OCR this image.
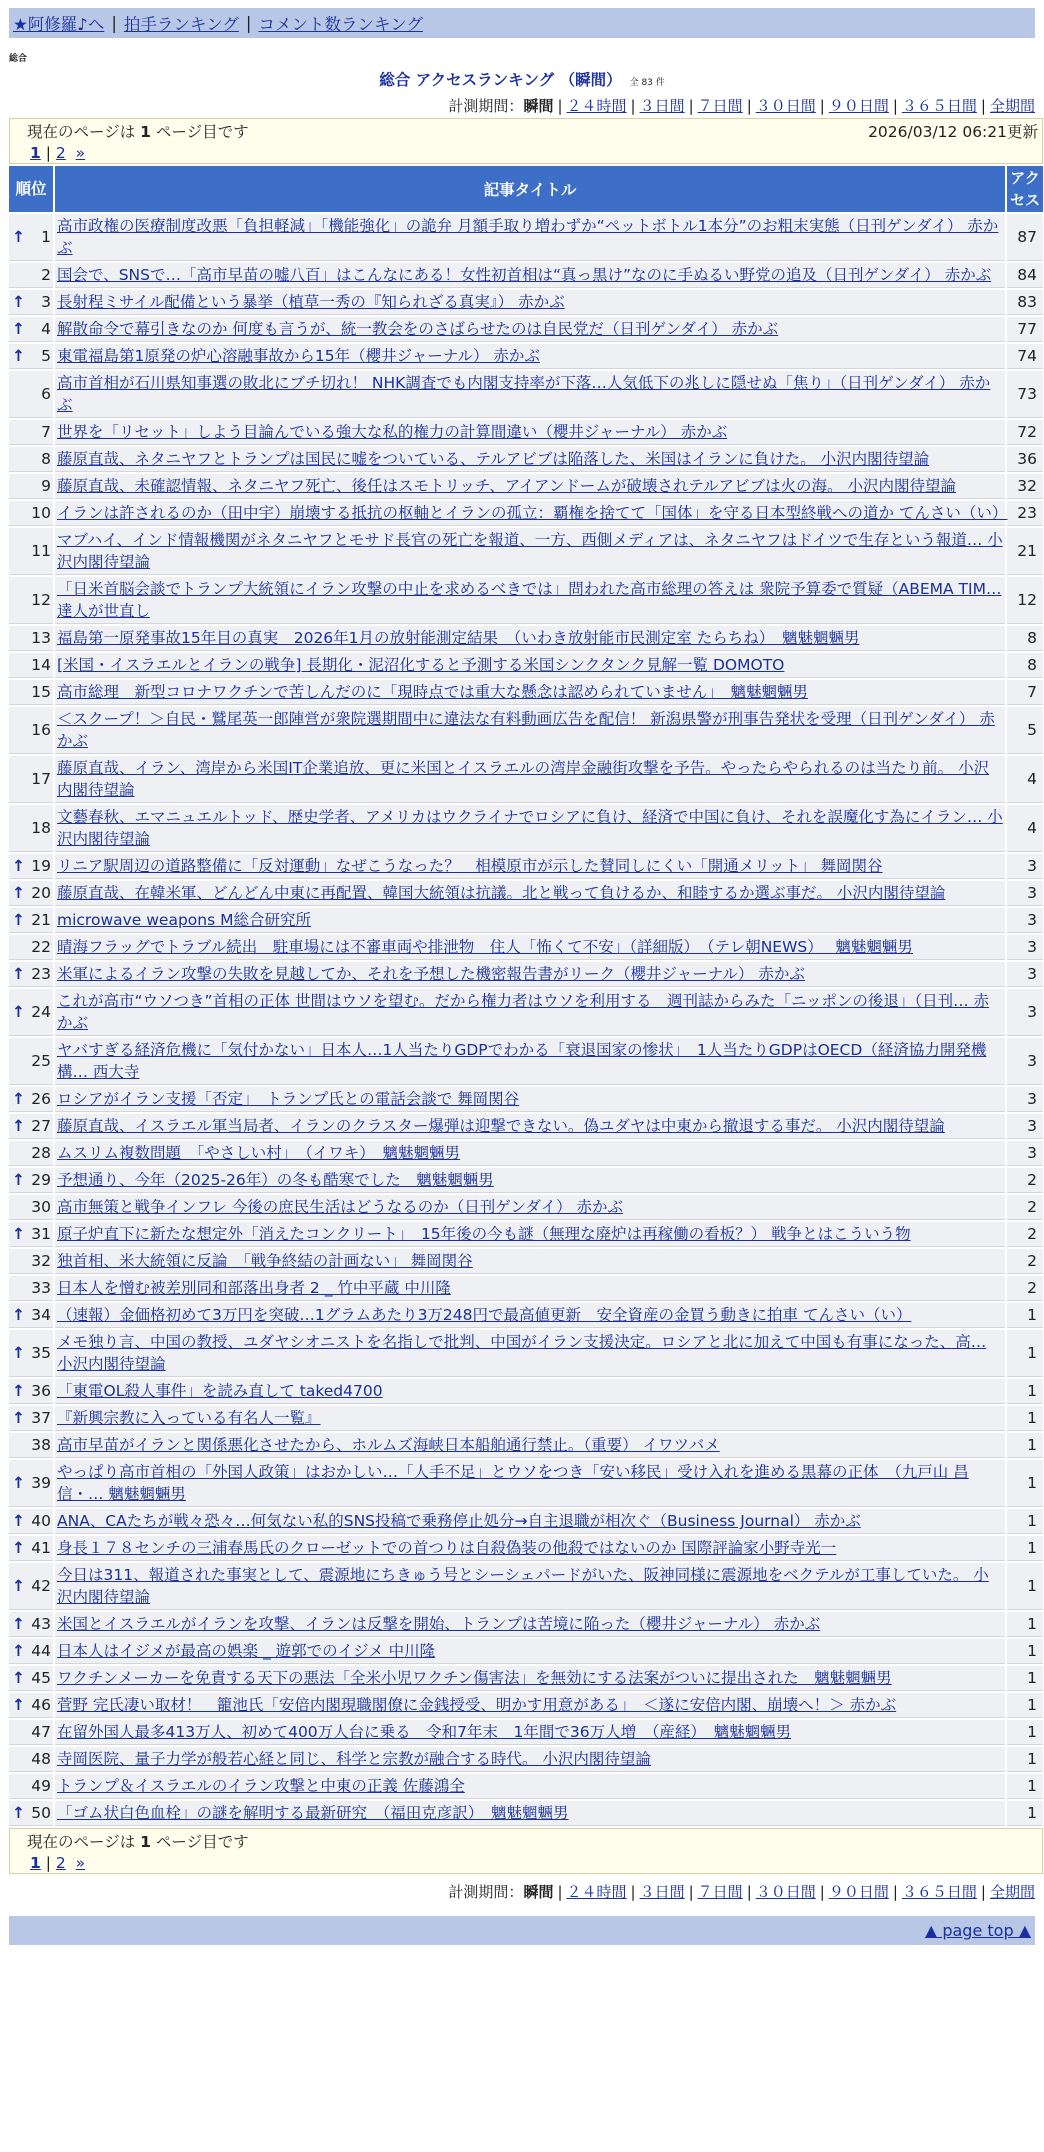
★阿修羅♪へ | 拍手ランキング | コメント数ランキング
総合
総合 アクセスランキング （瞬間） 全 83 件
計測期間：瞬間 | ２４時間 | ３日間 | ７日間 | ３０日間 | ９０日間 | ３６５日間 | 全期間
現在のページは 1 ページ目です 2026/03/12 06:21更新
1 | 2 »		

順位	記事タイトル	アクセス

↑ 1	高市政権の医療制度改悪「負担軽減」「機能強化」の詭弁 月額手取り増わずか“ペットボトル1本分”のお粗末実態（日刊ゲンダイ） 赤かぶ	87
2	国会で、SNSで…「高市早苗の嘘八百」はこんなにある！女性初首相は“真っ黒け”なのに手ぬるい野党の追及（日刊ゲンダイ） 赤かぶ	84

↑ 3	長射程ミサイル配備という暴挙（植草一秀の『知られざる真実』） 赤かぶ	83

↑ 4	解散命令で幕引きなのか 何度も言うが、統一教会をのさばらせたのは自民党だ（日刊ゲンダイ） 赤かぶ	77

↑ 5	東電福島第1原発の炉心溶融事故から15年（櫻井ジャーナル） 赤かぶ	74
6	高市首相が石川県知事選の敗北にブチ切れ！ NHK調査でも内閣支持率が下落…人気低下の兆しに隠せぬ「焦り」（日刊ゲンダイ） 赤かぶ	73
7	世界を「リセット」しよう目論んでいる強大な私的権力の計算間違い（櫻井ジャーナル） 赤かぶ	72
8	藤原直哉、ネタニヤフとトランプは国民に嘘をついている、テルアビブは陥落した、米国はイランに負けた。 小沢内閣待望論	36
9	藤原直哉、未確認情報、ネタニヤフ死亡、後任はスモトリッチ、アイアンドームが破壊されテルアビブは火の海。 小沢内閣待望論	32
10	イランは許されるのか（田中宇）崩壊する抵抗の枢軸とイランの孤立：覇権を捨てて「国体」を守る日本型終戦への道か てんさい（い）	23
11	マブハイ、インド情報機関がネタニヤフとモサド長官の死亡を報道、一方、西側メディアは、ネタニヤフはドイツで生存という報道… 小沢内閣待望論	21
12	「日米首脳会談でトランプ大統領にイラン攻撃の中止を求めるべきでは」問われた高市総理の答えは 衆院予算委で質疑（ABEMA TIM… 達人が世直し	12
13	福島第一原発事故15年目の真実　2026年1月の放射能測定結果　（いわき放射能市民測定室 たらちね）　魑魅魍魎男	8
14	[米国・イスラエルとイランの戦争] 長期化・泥沼化すると予測する米国シンクタンク見解一覧 DOMOTO	8
15	高市総理　新型コロナワクチンで苦しんだのに「現時点では重大な懸念は認められていません」　魑魅魍魎男	7
16	＜スクープ！＞自民・鷲尾英一郎陣営が衆院選期間中に違法な有料動画広告を配信！ 新潟県警が刑事告発状を受理（日刊ゲンダイ） 赤かぶ	5
17	藤原直哉、イラン、湾岸から米国IT企業追放、更に米国とイスラエルの湾岸金融街攻撃を予告。やったらやられるのは当たり前。 小沢内閣待望論	4
18	文藝春秋、エマニュエルトッド、歴史学者、アメリカはウクライナでロシアに負け、経済で中国に負け、それを誤魔化す為にイラン… 小沢内閣待望論	4

↑ 19	リニア駅周辺の道路整備に「反対運動」なぜこうなった？　相模原市が示した賛同しにくい「開通メリット」 舞岡関谷	3

↑ 20	藤原直哉、在韓米軍、どんどん中東に再配置、韓国大統領は抗議。北と戦って負けるか、和睦するか選ぶ事だ。 小沢内閣待望論	3

↑ 21	microwave weapons M総合研究所	3
22	晴海フラッグでトラブル続出　駐車場には不審車両や排泄物　住人「怖くて不安」（詳細版）　（テレ朝NEWS）　 魑魅魍魎男	3

↑ 23	米軍によるイラン攻撃の失敗を見越してか、それを予想した機密報告書がリーク（櫻井ジャーナル） 赤かぶ	3

↑ 24	これが高市“ウソつき”首相の正体 世間はウソを望む。だから権力者はウソを利用する　週刊誌からみた「ニッポンの後退」（日刊… 赤かぶ	3
25	ヤバすぎる経済危機に「気付かない」日本人…1人当たりGDPでわかる「衰退国家の惨状」　1人当たりGDPはOECD（経済協力開発機構… 西大寺	3

↑ 26	ロシアがイラン支援「否定」　トランプ氏との電話会談で 舞岡関谷	3

↑ 27	藤原直哉、イスラエル軍当局者、イランのクラスター爆弾は迎撃できない。偽ユダヤは中東から撤退する事だ。 小沢内閣待望論	3
28	ムスリム複数問題　「やさしい村」　（イワキ）　魑魅魍魎男	3

↑ 29	予想通り、今年（2025-26年）の冬も酷寒でした　魑魅魍魎男	2
30	高市無策と戦争インフレ 今後の庶民生活はどうなるのか（日刊ゲンダイ） 赤かぶ	2

↑ 31	原子炉直下に新たな想定外「消えたコンクリート」　15年後の今も謎（無理な廃炉は再稼働の看板？） 戦争とはこういう物	2
32	独首相、米大統領に反論　「戦争終結の計画ない」 舞岡関谷	2
33	日本人を憎む被差別同和部落出身者 2 _ 竹中平蔵 中川隆	2

↑ 34	（速報）金価格初めて3万円を突破…1グラムあたり3万248円で最高値更新　安全資産の金買う動きに拍車 てんさい（い）	1

↑ 35	メモ独り言、中国の教授、ユダヤシオニストを名指しで批判、中国がイラン支援決定。ロシアと北に加えて中国も有事になった、高… 小沢内閣待望論	1

↑ 36	「東電OL殺人事件」を読み直して taked4700	1

↑ 37	『新興宗教に入っている有名人一覧』	1
38	高市早苗がイランと関係悪化させたから、ホルムズ海峡日本船舶通行禁止。（重要） イワツバメ	1

↑ 39	やっぱり高市首相の「外国人政策」はおかしい…「人手不足」とウソをつき「安い移民」受け入れを進める黒幕の正体　（九戸山 昌信・… 魑魅魍魎男	1

↑ 40	ANA、CAたちが戦々恐々…何気ない私的SNS投稿で乗務停止処分→自主退職が相次ぐ（Business Journal） 赤かぶ	1

↑ 41	身長１７８センチの三浦春馬氏のクローゼットでの首つりは自殺偽装の他殺ではないのか 国際評論家小野寺光一	1

↑ 42	今日は311、報道された事実として、震源地にちきゅう号とシーシェパードがいた、阪神同様に震源地をベクテルが工事していた。 小沢内閣待望論	1

↑ 43	米国とイスラエルがイランを攻撃、イランは反撃を開始、トランプは苦境に陥った（櫻井ジャーナル） 赤かぶ	1

↑ 44	日本人はイジメが最高の娯楽 _ 遊郭でのイジメ 中川隆	1

↑ 45	ワクチンメーカーを免責する天下の悪法「全米小児ワクチン傷害法」を無効にする法案がついに提出された　魑魅魍魎男	1

↑ 46	菅野 完氏凄い取材！　籠池氏「安倍内閣現職閣僚に金銭授受、明かす用意がある」　＜遂に安倍内閣、崩壊へ！＞ 赤かぶ	1
47	在留外国人最多413万人、初めて400万人台に乗る　令和7年末　1年間で36万人増　（産経）　魑魅魍魎男	1
48	寺岡医院、量子力学が般若心経と同じ、科学と宗教が融合する時代。 小沢内閣待望論	1
49	トランプ＆イスラエルのイラン攻撃と中東の正義 佐藤鴻全	1

↑ 50	「ゴム状白色血栓」の謎を解明する最新研究　（福田克彦訳）　魑魅魍魎男	1

現在のページは 1 ページ目です
1 | 2 »		
計測期間：瞬間 | ２４時間 | ３日間 | ７日間 | ３０日間 | ９０日間 | ３６５日間 | 全期間
▲ page top ▲
